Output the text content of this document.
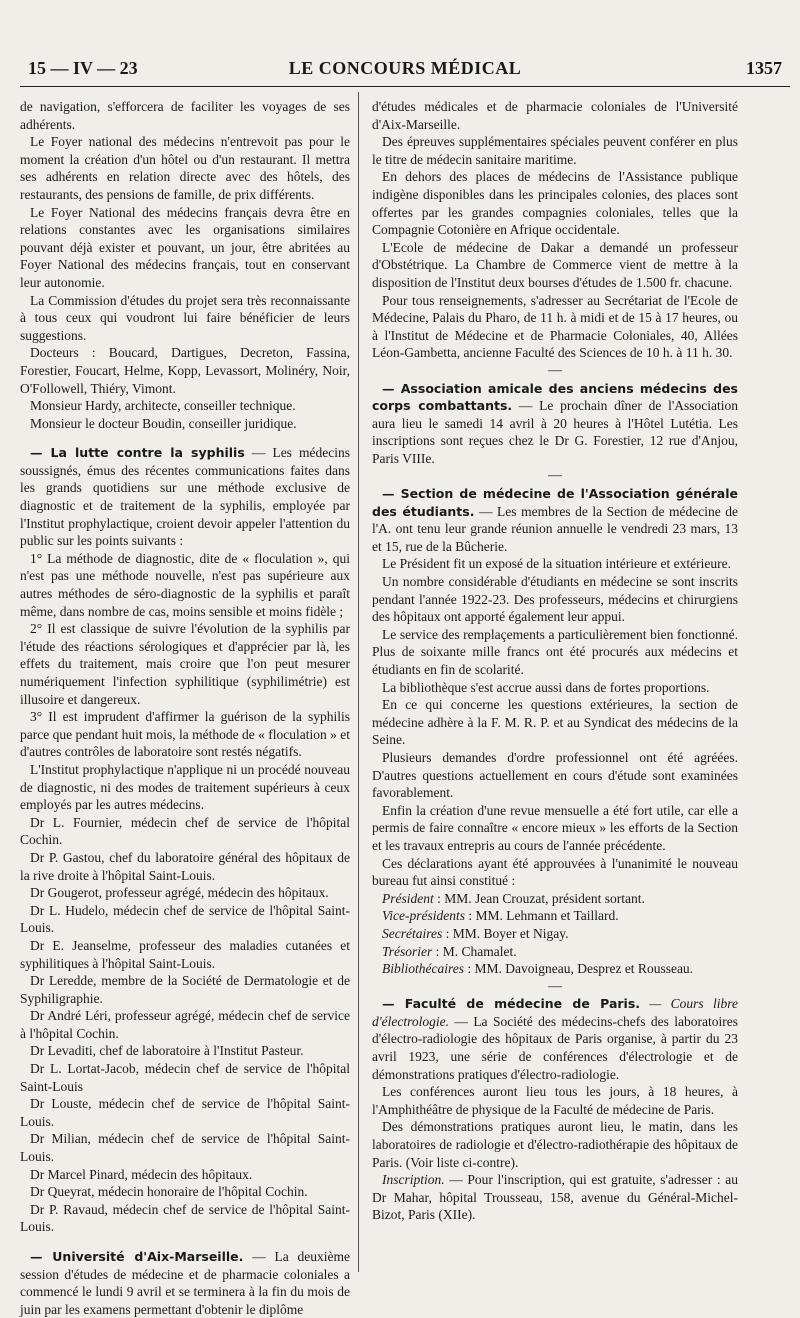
15 — IV — 23	LE CONCOURS MÉDICAL	1357

de navigation, s'efforcera de faciliter les voyages de ses adhérents.

Le Foyer national des médecins n'entrevoit pas pour le moment la création d'un hôtel ou d'un restaurant. Il mettra ses adhérents en relation directe avec des hôtels, des restaurants, des pensions de famille, de prix différents.

Le Foyer National des médecins français devra être en relations constantes avec les organisations similaires pouvant déjà exister et pouvant, un jour, être abritées au Foyer National des médecins français, tout en conservant leur autonomie.

La Commission d'études du projet sera très reconnaissante à tous ceux qui voudront lui faire bénéficier de leurs suggestions.

Docteurs : Boucard, Dartigues, Decreton, Fassina, Forestier, Foucart, Helme, Kopp, Levassort, Molinéry, Noir, O'Followell, Thiéry, Vimont.

Monsieur Hardy, architecte, conseiller technique.

Monsieur le docteur Boudin, conseiller juridique.

— La lutte contre la syphilis — Les médecins soussignés, émus des récentes communications faites dans les grands quotidiens sur une méthode exclusive de diagnostic et de traitement de la syphilis, employée par l'Institut prophylactique, croient devoir appeler l'attention du public sur les points suivants :

1° La méthode de diagnostic, dite de « floculation », qui n'est pas une méthode nouvelle, n'est pas supérieure aux autres méthodes de séro-diagnostic de la syphilis et paraît même, dans nombre de cas, moins sensible et moins fidèle ;

2° Il est classique de suivre l'évolution de la syphilis par l'étude des réactions sérologiques et d'apprécier par là, les effets du traitement, mais croire que l'on peut mesurer numériquement l'infection syphilitique (syphilimétrie) est illusoire et dangereux.

3° Il est imprudent d'affirmer la guérison de la syphilis parce que pendant huit mois, la méthode de « floculation » et d'autres contrôles de laboratoire sont restés négatifs.

L'Institut prophylactique n'applique ni un procédé nouveau de diagnostic, ni des modes de traitement supérieurs à ceux employés par les autres médecins.

Dr L. Fournier, médecin chef de service de l'hôpital Cochin.

Dr P. Gastou, chef du laboratoire général des hôpitaux de la rive droite à l'hôpital Saint-Louis.

Dr Gougerot, professeur agrégé, médecin des hôpitaux.

Dr L. Hudelo, médecin chef de service de l'hôpital Saint-Louis.

Dr E. Jeanselme, professeur des maladies cutanées et syphilitiques à l'hôpital Saint-Louis.

Dr Leredde, membre de la Société de Dermatologie et de Syphiligraphie.

Dr André Léri, professeur agrégé, médecin chef de service à l'hôpital Cochin.

Dr Levaditi, chef de laboratoire à l'Institut Pasteur.

Dr L. Lortat-Jacob, médecin chef de service de l'hôpital Saint-Louis

Dr Louste, médecin chef de service de l'hôpital Saint-Louis.

Dr Milian, médecin chef de service de l'hôpital Saint-Louis.

Dr Marcel Pinard, médecin des hôpitaux.

Dr Queyrat, médecin honoraire de l'hôpital Cochin.

Dr P. Ravaud, médecin chef de service de l'hôpital Saint-Louis.

— Université d'Aix-Marseille. — La deuxième session d'études de médecine et de pharmacie coloniales a commencé le lundi 9 avril et se terminera à la fin du mois de juin par les examens permettant d'obtenir le diplôme

d'études médicales et de pharmacie coloniales de l'Université d'Aix-Marseille.

Des épreuves supplémentaires spéciales peuvent conférer en plus le titre de médecin sanitaire maritime.

En dehors des places de médecins de l'Assistance publique indigène disponibles dans les principales colonies, des places sont offertes par les grandes compagnies coloniales, telles que la Compagnie Cotonière en Afrique occidentale.

L'Ecole de médecine de Dakar a demandé un professeur d'Obstétrique. La Chambre de Commerce vient de mettre à la disposition de l'Institut deux bourses d'études de 1.500 fr. chacune.

Pour tous renseignements, s'adresser au Secrétariat de l'Ecole de Médecine, Palais du Pharo, de 11 h. à midi et de 15 à 17 heures, ou à l'Institut de Médecine et de Pharmacie Coloniales, 40, Allées Léon-Gambetta, ancienne Faculté des Sciences de 10 h. à 11 h. 30.

—

— Association amicale des anciens médecins des corps combattants. — Le prochain dîner de l'Association aura lieu le samedi 14 avril à 20 heures à l'Hôtel Lutétia. Les inscriptions sont reçues chez le Dr G. Forestier, 12 rue d'Anjou, Paris VIIIe.

—

— Section de médecine de l'Association générale des étudiants. — Les membres de la Section de médecine de l'A. ont tenu leur grande réunion annuelle le vendredi 23 mars, 13 et 15, rue de la Bûcherie.

Le Président fit un exposé de la situation intérieure et extérieure.

Un nombre considérable d'étudiants en médecine se sont inscrits pendant l'année 1922-23. Des professeurs, médecins et chirurgiens des hôpitaux ont apporté également leur appui.

Le service des remplaçements a particulièrement bien fonctionné. Plus de soixante mille francs ont été procurés aux médecins et étudiants en fin de scolarité.

La bibliothèque s'est accrue aussi dans de fortes proportions.

En ce qui concerne les questions extérieures, la section de médecine adhère à la F. M. R. P. et au Syndicat des médecins de la Seine.

Plusieurs demandes d'ordre professionnel ont été agréées. D'autres questions actuellement en cours d'étude sont examinées favorablement.

Enfin la création d'une revue mensuelle a été fort utile, car elle a permis de faire connaître « encore mieux » les efforts de la Section et les travaux entrepris au cours de l'année précédente.

Ces déclarations ayant été approuvées à l'unanimité le nouveau bureau fut ainsi constitué :

Président : MM. Jean Crouzat, président sortant.

Vice-présidents : MM. Lehmann et Taillard.

Secrétaires : MM. Boyer et Nigay.

Trésorier : M. Chamalet.

Bibliothécaires : MM. Davoigneau, Desprez et Rousseau.

—

— Faculté de médecine de Paris. — Cours libre d'électrologie. — La Société des médecins-chefs des laboratoires d'électro-radiologie des hôpitaux de Paris organise, à partir du 23 avril 1923, une série de conférences d'électrologie et de démonstrations pratiques d'électro-radiologie.

Les conférences auront lieu tous les jours, à 18 heures, à l'Amphithéâtre de physique de la Faculté de médecine de Paris.

Des démonstrations pratiques auront lieu, le matin, dans les laboratoires de radiologie et d'électro-radiothérapie des hôpitaux de Paris. (Voir liste ci-contre).

Inscription. — Pour l'inscription, qui est gratuite, s'adresser : au Dr Mahar, hôpital Trousseau, 158, avenue du Général-Michel-Bizot, Paris (XIIe).
